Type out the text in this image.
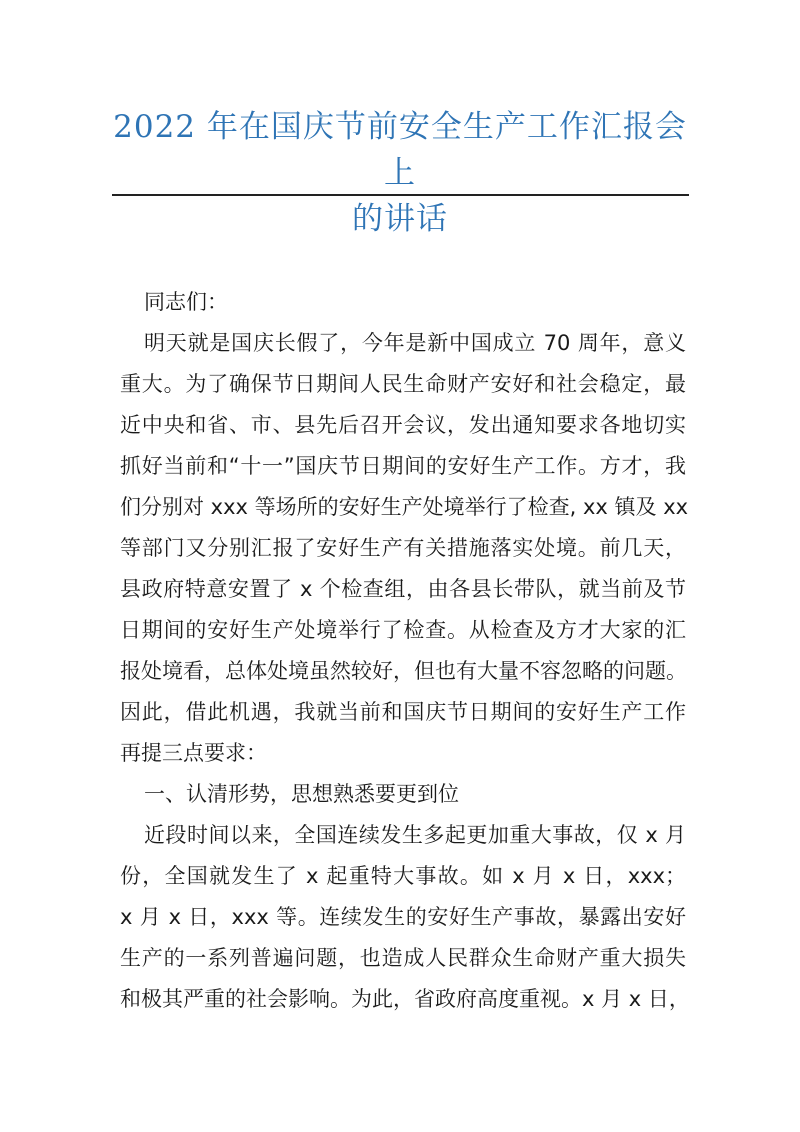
2022 年在国庆节前安全生产工作汇报会上
的讲话
同志们：
明天就是国庆长假了，今年是新中国成立 70 周年，意义
重大。为了确保节日期间人民生命财产安好和社会稳定，最
近中央和省、市、县先后召开会议，发出通知要求各地切实
抓好当前和“十一”国庆节日期间的安好生产工作。方才，我
们分别对 xxx 等场所的安好生产处境举行了检查, xx 镇及 xx
等部门又分别汇报了安好生产有关措施落实处境。前几天，
县政府特意安置了 x 个检查组，由各县长带队，就当前及节
日期间的安好生产处境举行了检查。从检查及方才大家的汇
报处境看，总体处境虽然较好，但也有大量不容忽略的问题。
因此，借此机遇，我就当前和国庆节日期间的安好生产工作
再提三点要求：
一、认清形势，思想熟悉要更到位
近段时间以来，全国连续发生多起更加重大事故，仅 x 月
份，全国就发生了 x 起重特大事故。如 x 月 x 日，xxx；
x 月 x 日，xxx 等。连续发生的安好生产事故，暴露出安好
生产的一系列普遍问题，也造成人民群众生命财产重大损失
和极其严重的社会影响。为此，省政府高度重视。x 月 x 日，
